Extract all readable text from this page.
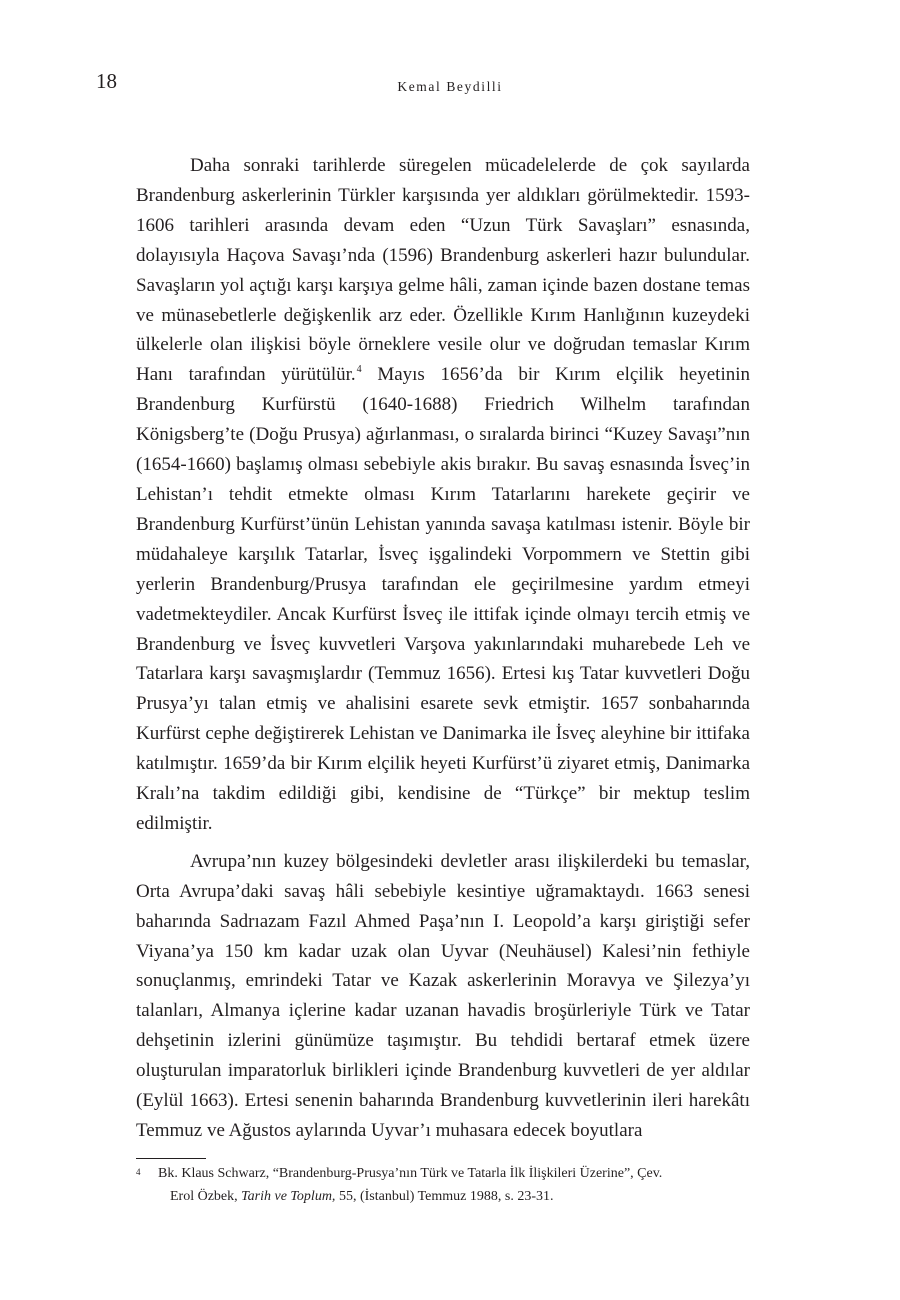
18	Kemal Beydilli

Daha sonraki tarihlerde süregelen mücadelelerde de çok sayılarda Brandenburg askerlerinin Türkler karşısında yer aldıkları görülmektedir. 1593-1606 tarihleri arasında devam eden “Uzun Türk Savaşları” esnasında, dolayısıyla Haçova Savaşı’nda (1596) Brandenburg askerleri hazır bulundular. Savaşların yol açtığı karşı karşıya gelme hâli, zaman içinde bazen dostane temas ve münasebetlerle değişkenlik arz eder. Özellikle Kırım Hanlığının kuzeydeki ülkelerle olan ilişkisi böyle örneklere vesile olur ve doğrudan temaslar Kırım Hanı tarafından yürütülür.$^4$ Mayıs 1656’da bir Kırım elçilik heyetinin Brandenburg Kurfürstü (1640-1688) Friedrich Wilhelm tarafından Königsberg’te (Doğu Prusya) ağırlanması, o sıralarda birinci “Kuzey Savaşı”nın (1654-1660) başlamış olması sebebiyle akis bırakır. Bu savaş esnasında İsveç’in Lehistan’ı tehdit etmekte olması Kırım Tatarlarını harekete geçirir ve Brandenburg Kurfürst’ünün Lehistan yanında savaşa katılması istenir. Böyle bir müdahaleye karşılık Tatarlar, İsveç işgalindeki Vorpommern ve Stettin gibi yerlerin Brandenburg/Prusya tarafından ele geçirilmesine yardım etmeyi vadetmekteydiler. Ancak Kurfürst İsveç ile ittifak içinde olmayı tercih etmiş ve Brandenburg ve İsveç kuvvetleri Varşova yakınlarındaki muharebede Leh ve Tatarlara karşı savaşmışlardır (Temmuz 1656). Ertesi kış Tatar kuvvetleri Doğu Prusya’yı talan etmiş ve ahalisini esarete sevk etmiştir. 1657 sonbaharında Kurfürst cephe değiştirerek Lehistan ve Danimarka ile İsveç aleyhine bir ittifaka katılmıştır. 1659’da bir Kırım elçilik heyeti Kurfürst’ü ziyaret etmiş, Danimarka Kralı’na takdim edildiği gibi, kendisine de “Türkçe” bir mektup teslim edilmiştir.

Avrupa’nın kuzey bölgesindeki devletler arası ilişkilerdeki bu temaslar, Orta Avrupa’daki savaş hâli sebebiyle kesintiye uğramaktaydı. 1663 senesi baharında Sadrıazam Fazıl Ahmed Paşa’nın I. Leopold’a karşı giriştiği sefer Viyana’ya 150 km kadar uzak olan Uyvar (Neuhäusel) Kalesi’nin fethiyle sonuçlanmış, emrindeki Tatar ve Kazak askerlerinin Moravya ve Şilezya’yı talanları, Almanya içlerine kadar uzanan havadis broşürleriyle Türk ve Tatar dehşetinin izlerini günümüze taşımıştır. Bu tehdidi bertaraf etmek üzere oluşturulan imparatorluk birlikleri içinde Brandenburg kuvvetleri de yer aldılar (Eylül 1663). Ertesi senenin baharında Brandenburg kuvvetlerinin ileri harekâtı Temmuz ve Ağustos aylarında Uyvar’ı muhasara edecek boyutlara

4	Bk. Klaus Schwarz, “Brandenburg-Prusya’nın Türk ve Tatarla İlk İlişkileri Üzerine”, Çev.
Erol Özbek, Tarih ve Toplum, 55, (İstanbul) Temmuz 1988, s. 23-31.
